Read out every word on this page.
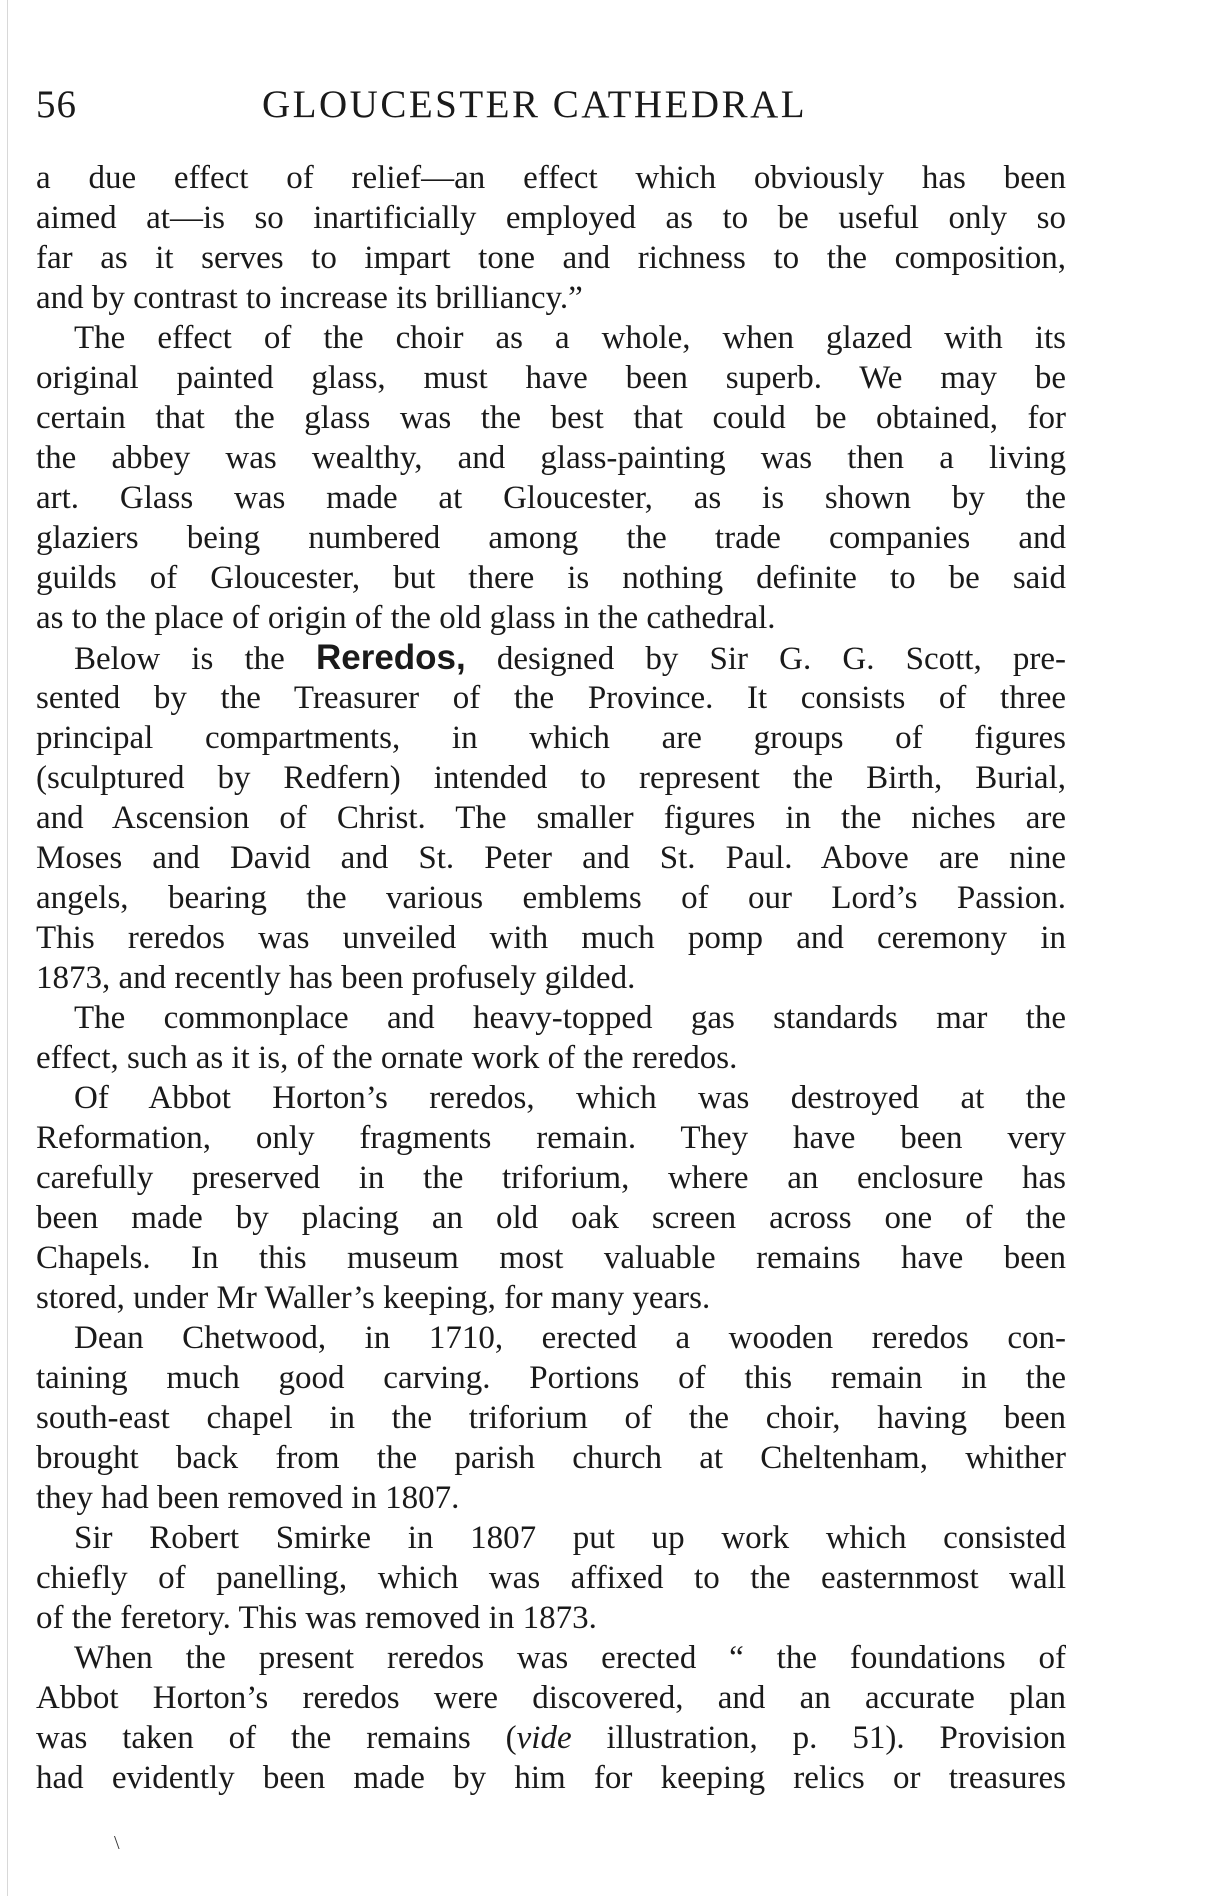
56	GLOUCESTER CATHEDRAL
a due effect of relief—an effect which obviously has been
aimed at—is so inartificially employed as to be useful only so
far as it serves to impart tone and richness to the composition,
and by contrast to increase its brilliancy.”
The effect of the choir as a whole, when glazed with its
original painted glass, must have been superb. We may be
certain that the glass was the best that could be obtained, for
the abbey was wealthy, and glass-painting was then a living
art. Glass was made at Gloucester, as is shown by the
glaziers being numbered among the trade companies and
guilds of Gloucester, but there is nothing definite to be said
as to the place of origin of the old glass in the cathedral.
Below is the Reredos, designed by Sir G. G. Scott, pre-
sented by the Treasurer of the Province. It consists of three
principal compartments, in which are groups of figures
(sculptured by Redfern) intended to represent the Birth, Burial,
and Ascension of Christ. The smaller figures in the niches are
Moses and David and St. Peter and St. Paul. Above are nine
angels, bearing the various emblems of our Lord’s Passion.
This reredos was unveiled with much pomp and ceremony in
1873, and recently has been profusely gilded.
The commonplace and heavy-topped gas standards mar the
effect, such as it is, of the ornate work of the reredos.
Of Abbot Horton’s reredos, which was destroyed at the
Reformation, only fragments remain. They have been very
carefully preserved in the triforium, where an enclosure has
been made by placing an old oak screen across one of the
Chapels. In this museum most valuable remains have been
stored, under Mr Waller’s keeping, for many years.
Dean Chetwood, in 1710, erected a wooden reredos con-
taining much good carving. Portions of this remain in the
south-east chapel in the triforium of the choir, having been
brought back from the parish church at Cheltenham, whither
they had been removed in 1807.
Sir Robert Smirke in 1807 put up work which consisted
chiefly of panelling, which was affixed to the easternmost wall
of the feretory. This was removed in 1873.
When the present reredos was erected “ the foundations of
Abbot Horton’s reredos were discovered, and an accurate plan
was taken of the remains (vide illustration, p. 51). Provision
had evidently been made by him for keeping relics or treasures
\
